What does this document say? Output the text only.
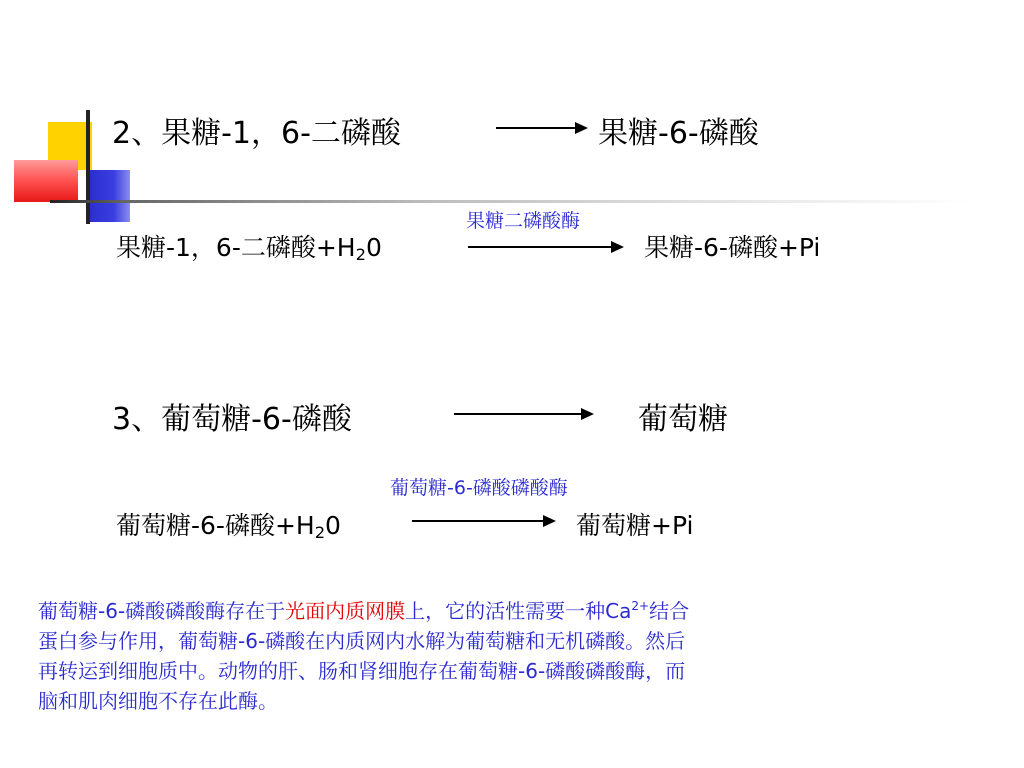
2、果糖-1，6-二磷酸	果糖-6-磷酸
果糖二磷酸酶
果糖-1，6-二磷酸$+H_20$	果糖-6-磷酸+Pi
3、葡萄糖-6-磷酸	葡萄糖
葡萄糖-6-磷酸磷酸酶
葡萄糖-6-磷酸$+H_20$	葡萄糖+Pi
葡萄糖-6-磷酸磷酸酶存在于光面内质网膜上，它的活性需要一种$Ca^{2+}$结合
蛋白参与作用，葡萄糖-6-磷酸在内质网内水解为葡萄糖和无机磷酸。然后
再转运到细胞质中。动物的肝、肠和肾细胞存在葡萄糖-6-磷酸磷酸酶，而
脑和肌肉细胞不存在此酶。
